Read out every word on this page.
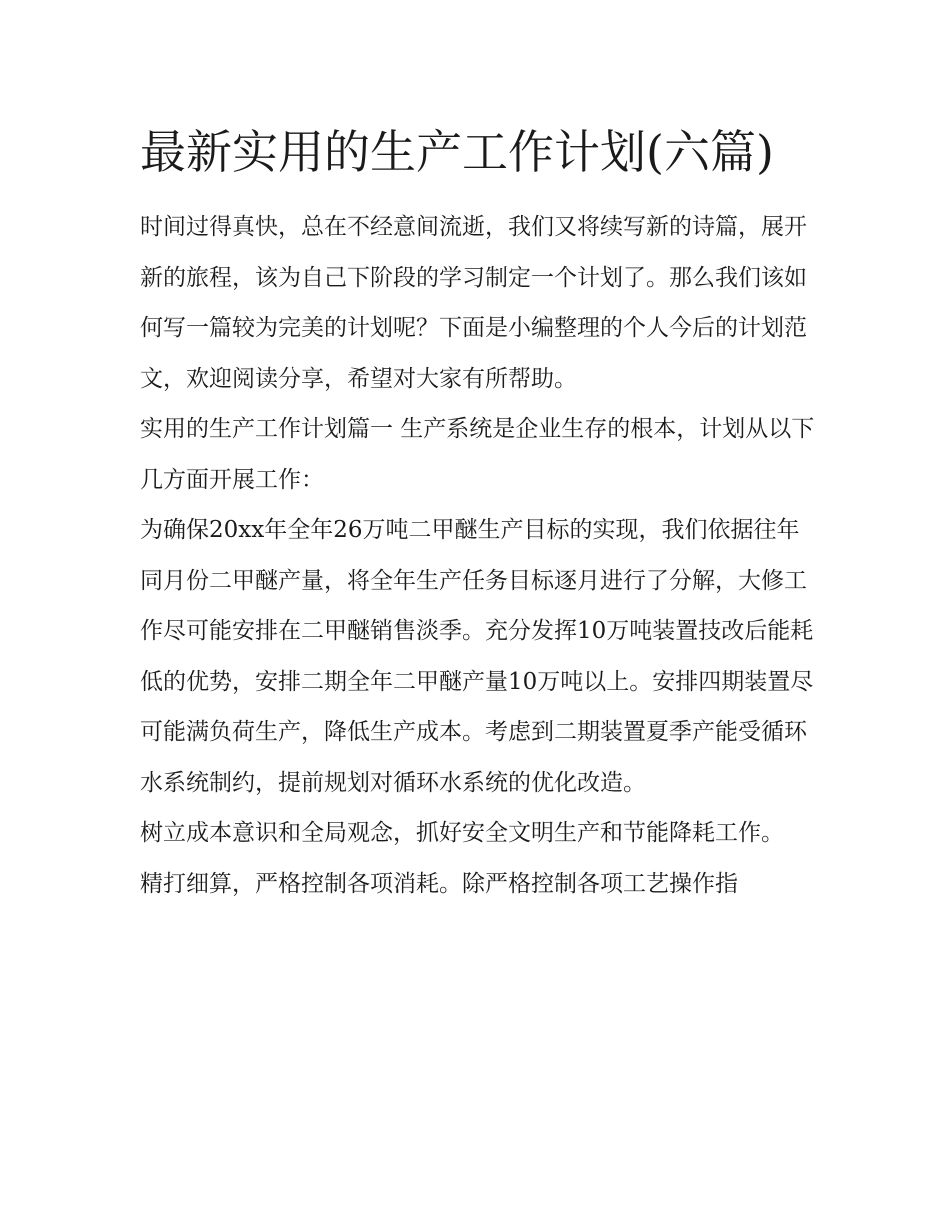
最新实用的生产工作计划(六篇)

时间过得真快，总在不经意间流逝，我们又将续写新的诗篇，展开新的旅程，该为自己下阶段的学习制定一个计划了。那么我们该如何写一篇较为完美的计划呢？下面是小编整理的个人今后的计划范文，欢迎阅读分享，希望对大家有所帮助。

实用的生产工作计划篇一 生产系统是企业生存的根本，计划从以下几方面开展工作：

为确保20xx年全年26万吨二甲醚生产目标的实现，我们依据往年同月份二甲醚产量，将全年生产任务目标逐月进行了分解，大修工作尽可能安排在二甲醚销售淡季。充分发挥10万吨装置技改后能耗低的优势，安排二期全年二甲醚产量10万吨以上。安排四期装置尽可能满负荷生产，降低生产成本。考虑到二期装置夏季产能受循环水系统制约，提前规划对循环水系统的优化改造。

树立成本意识和全局观念，抓好安全文明生产和节能降耗工作。

精打细算，严格控制各项消耗。除严格控制各项工艺操作指
